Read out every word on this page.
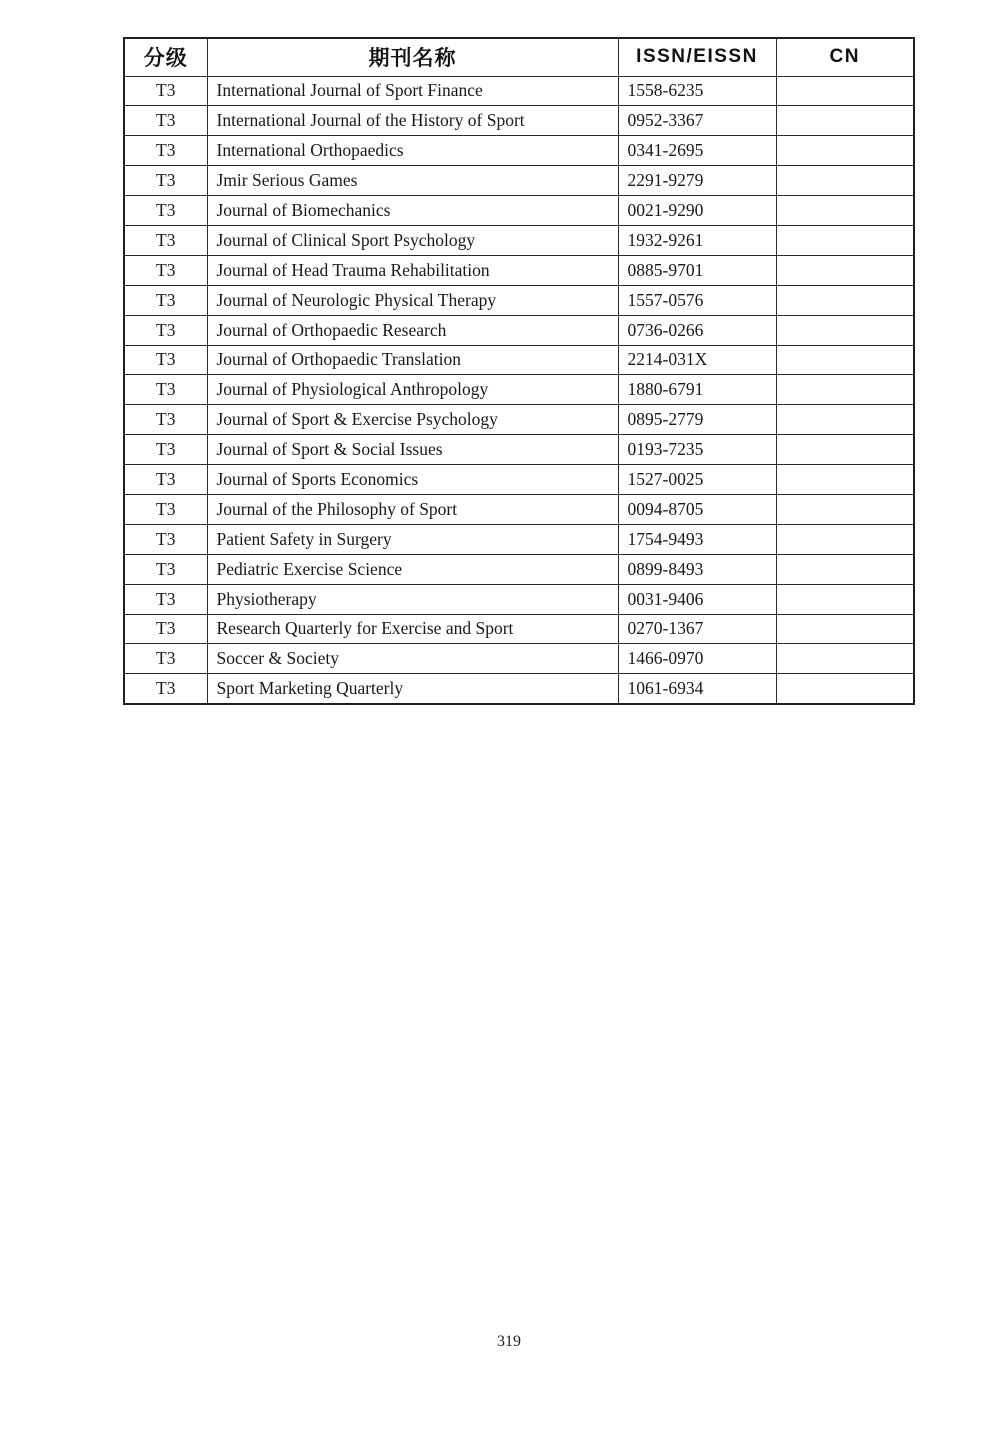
分级	期刊名称	ISSN/EISSN	CN
T3	International Journal of Sport Finance	1558-6235	
T3	International Journal of the History of Sport	0952-3367	
T3	International Orthopaedics	0341-2695	
T3	Jmir Serious Games	2291-9279	
T3	Journal of Biomechanics	0021-9290	
T3	Journal of Clinical Sport Psychology	1932-9261	
T3	Journal of Head Trauma Rehabilitation	0885-9701	
T3	Journal of Neurologic Physical Therapy	1557-0576	
T3	Journal of Orthopaedic Research	0736-0266	
T3	Journal of Orthopaedic Translation	2214-031X	
T3	Journal of Physiological Anthropology	1880-6791	
T3	Journal of Sport & Exercise Psychology	0895-2779	
T3	Journal of Sport & Social Issues	0193-7235	
T3	Journal of Sports Economics	1527-0025	
T3	Journal of the Philosophy of Sport	0094-8705	
T3	Patient Safety in Surgery	1754-9493	
T3	Pediatric Exercise Science	0899-8493	
T3	Physiotherapy	0031-9406	
T3	Research Quarterly for Exercise and Sport	0270-1367	
T3	Soccer & Society	1466-0970	
T3	Sport Marketing Quarterly	1061-6934	
319
